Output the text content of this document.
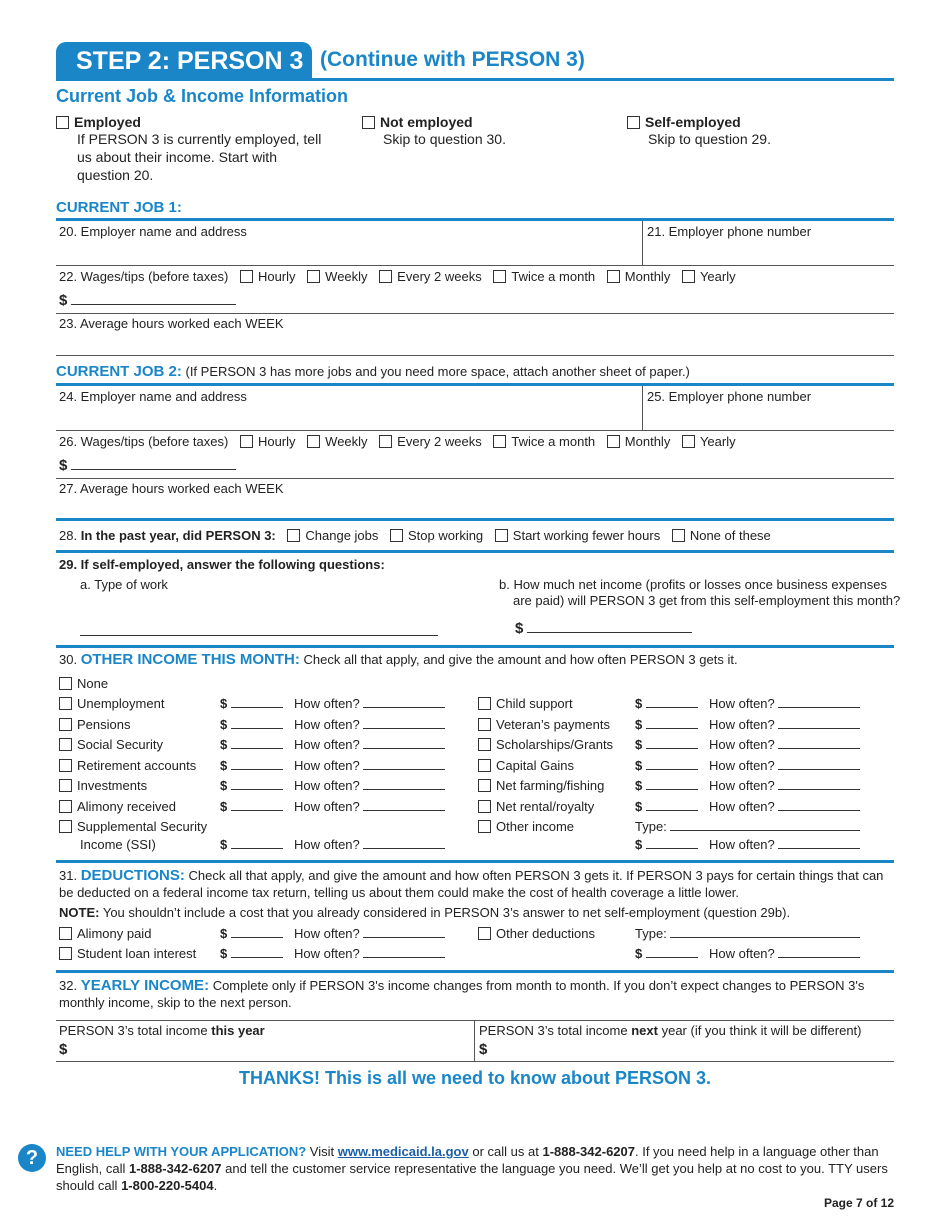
STEP 2: PERSON 3 (Continue with PERSON 3)
Current Job & Income Information
Employed
If PERSON 3 is currently employed, tell us about their income. Start with question 20.
Not employed
Skip to question 30.
Self-employed
Skip to question 29.
CURRENT JOB 1:
20. Employer name and address	21. Employer phone number
22. Wages/tips (before taxes) Hourly Weekly Every 2 weeks Twice a month Monthly Yearly
$
23. Average hours worked each WEEK
CURRENT JOB 2: (If PERSON 3 has more jobs and you need more space, attach another sheet of paper.)
24. Employer name and address	25. Employer phone number
26. Wages/tips (before taxes) Hourly Weekly Every 2 weeks Twice a month Monthly Yearly
$
27. Average hours worked each WEEK
28. In the past year, did PERSON 3: Change jobs Stop working Start working fewer hours None of these
29. If self-employed, answer the following questions:
a. Type of work	b. How much net income (profits or losses once business expenses
are paid) will PERSON 3 get from this self-employment this month?
$
30. OTHER INCOME THIS MONTH: Check all that apply, and give the amount and how often PERSON 3 gets it.
None
Unemployment	$	How often?
Pensions	$	How often?
Social Security	$	How often?
Retirement accounts $	How often?
Investments	$	How often?
Alimony received	$	How often?
Supplemental Security
Income (SSI)	$	How often?
Child support	$	How often?
Veteran’s payments $	How often?
Scholarships/Grants $	How often?
Capital Gains	$	How often?
Net farming/fishing $	How often?
Net rental/royalty	$	How often?
Other income	Type:
$	How often?
31. DEDUCTIONS: Check all that apply, and give the amount and how often PERSON 3 gets it. If PERSON 3 pays for certain things that can be deducted on a federal income tax return, telling us about them could make the cost of health coverage a little lower.
NOTE: You shouldn’t include a cost that you already considered in PERSON 3’s answer to net self-employment (question 29b).
Alimony paid	$	How often?
Student loan interest $	How often?
Other deductions	Type:
$	How often?
32. YEARLY INCOME: Complete only if PERSON 3's income changes from month to month. If you don’t expect changes to PERSON 3's monthly income, skip to the next person.
PERSON 3’s total income this year
$
PERSON 3’s total income next year (if you think it will be different)
$
THANKS! This is all we need to know about PERSON 3.
?	NEED HELP WITH YOUR APPLICATION? Visit www.medicaid.la.gov or call us at 1-888-342-6207. If you need help in a language other than English, call 1-888-342-6207 and tell the customer service representative the language you need. We’ll get you help at no cost to you. TTY users should call 1-800-220-5404.
Page 7 of 12
